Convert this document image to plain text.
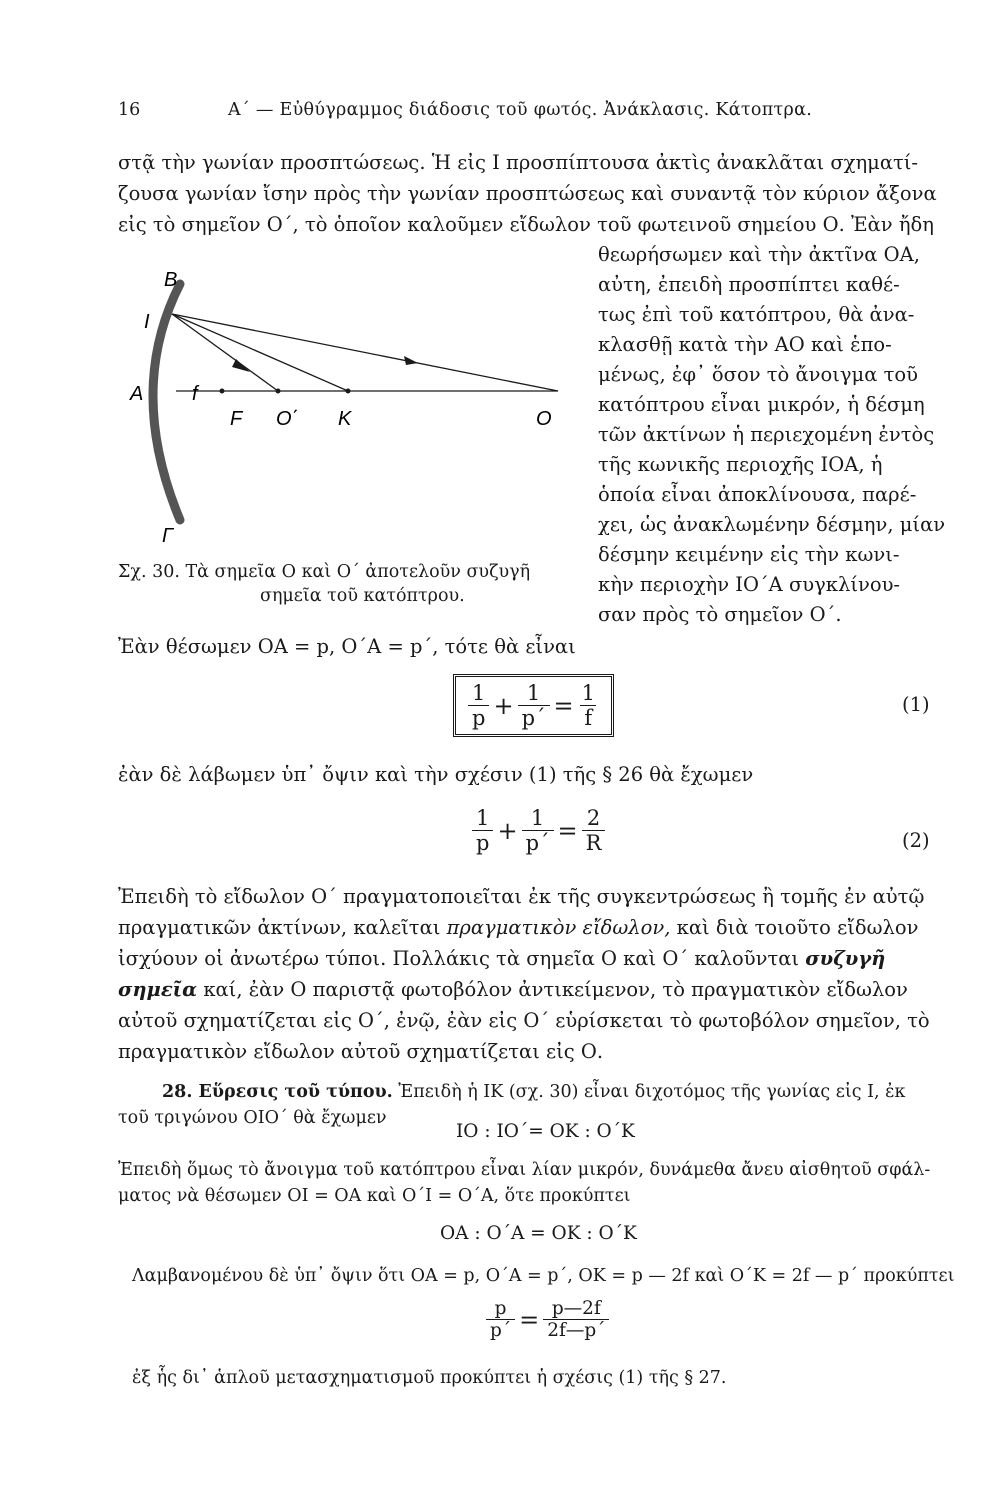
16	Α΄ — Εὐθύγραμμος διάδοσις τοῦ φωτός. Ἀνάκλασις. Κάτοπτρα.
στᾷ τὴν γωνίαν προσπτώσεως. Ἡ εἰς Ι προσπίπτουσα ἀκτὶς ἀνακλᾶται σχηματί-
ζουσα γωνίαν ἴσην πρὸς τὴν γωνίαν προσπτώσεως καὶ συναντᾷ τὸν κύριον ἄξονα
εἰς τὸ σημεῖον Ο΄, τὸ ὁποῖον καλοῦμεν εἴδωλον τοῦ φωτεινοῦ σημείου Ο. Ἐὰν ἤδη
θεωρήσωμεν καὶ τὴν ἀκτῖνα ΟΑ,
αὐτη, ἐπειδὴ προσπίπτει καθέ-
τως ἐπὶ τοῦ κατόπτρου, θὰ ἀνα-
κλασθῇ κατὰ τὴν ΑΟ καὶ ἑπο-
μένως, ἐφ᾽ ὅσον τὸ ἄνοιγμα τοῦ
κατόπτρου εἶναι μικρόν, ἡ δέσμη
τῶν ἀκτίνων ἡ περιεχομένη ἐντὸς
τῆς κωνικῆς περιοχῆς ΙΟΑ, ἡ
ὁποία εἶναι ἀποκλίνουσα, παρέ-
χει, ὡς ἀνακλωμένην δέσμην, μίαν
δέσμην κειμένην εἰς τὴν κωνι-
κὴν περιοχὴν ΙΟ΄Α συγκλίνου-
σαν πρὸς τὸ σημεῖον Ο΄.
B
I
A f
F O΄ K	O
Γ
Σχ. 30. Τὰ σημεῖα Ο καὶ Ο΄ ἀποτελοῦν συζυγῆ
σημεῖα τοῦ κατόπτρου.
Ἐὰν θέσωμεν ΟΑ = p, Ο΄Α = p΄, τότε θὰ εἶναι
$\frac{1}{p} + \frac{1}{p΄} = \frac{1}{f}$	(1)
ἐὰν δὲ λάβωμεν ὑπ᾽ ὄψιν καὶ τὴν σχέσιν (1) τῆς § 26 θὰ ἔχωμεν
$\frac{1}{p} + \frac{1}{p΄} = \frac{2}{R}$	(2)
Ἐπειδὴ τὸ εἴδωλον Ο΄ πραγματοποιεῖται ἐκ τῆς συγκεντρώσεως ἢ τομῆς ἐν αὐτῷ
πραγματικῶν ἀκτίνων, καλεῖται πραγματικὸν εἴδωλον, καὶ διὰ τοιοῦτο εἴδωλον
ἰσχύουν οἱ ἀνωτέρω τύποι. Πολλάκις τὰ σημεῖα Ο καὶ Ο΄ καλοῦνται συζυγῆ
σημεῖα καί, ἐὰν Ο παριστᾷ φωτοβόλον ἀντικείμενον, τὸ πραγματικὸν εἴδωλον
αὐτοῦ σχηματίζεται εἰς Ο΄, ἐνῷ, ἐὰν εἰς Ο΄ εὑρίσκεται τὸ φωτοβόλον σημεῖον, τὸ
πραγματικὸν εἴδωλον αὐτοῦ σχηματίζεται εἰς Ο.
28. Εὕρεσις τοῦ τύπου. Ἐπειδὴ ἡ ΙΚ (σχ. 30) εἶναι διχοτόμος τῆς γωνίας εἰς Ι, ἐκ
τοῦ τριγώνου ΟΙΟ΄ θὰ ἔχωμεν
ΙΟ : ΙΟ΄= ΟΚ : Ο΄Κ
Ἐπειδὴ ὅμως τὸ ἄνοιγμα τοῦ κατόπτρου εἶναι λίαν μικρόν, δυνάμεθα ἄνευ αἰσθητοῦ σφάλ-
ματος νὰ θέσωμεν ΟΙ = ΟΑ καὶ Ο΄Ι = Ο΄Α, ὅτε προκύπτει
ΟΑ : Ο΄Α = ΟΚ : Ο΄Κ
Λαμβανομένου δὲ ὑπ᾽ ὄψιν ὅτι ΟΑ = p, Ο΄Α = p΄, ΟΚ = p — 2f καὶ Ο΄Κ = 2f — p΄ προκύπτει
$\frac{p}{p΄} = \frac{p—2f}{2f—p΄}$
ἐξ ἧς δι᾽ ἁπλοῦ μετασχηματισμοῦ προκύπτει ἡ σχέσις (1) τῆς § 27.
